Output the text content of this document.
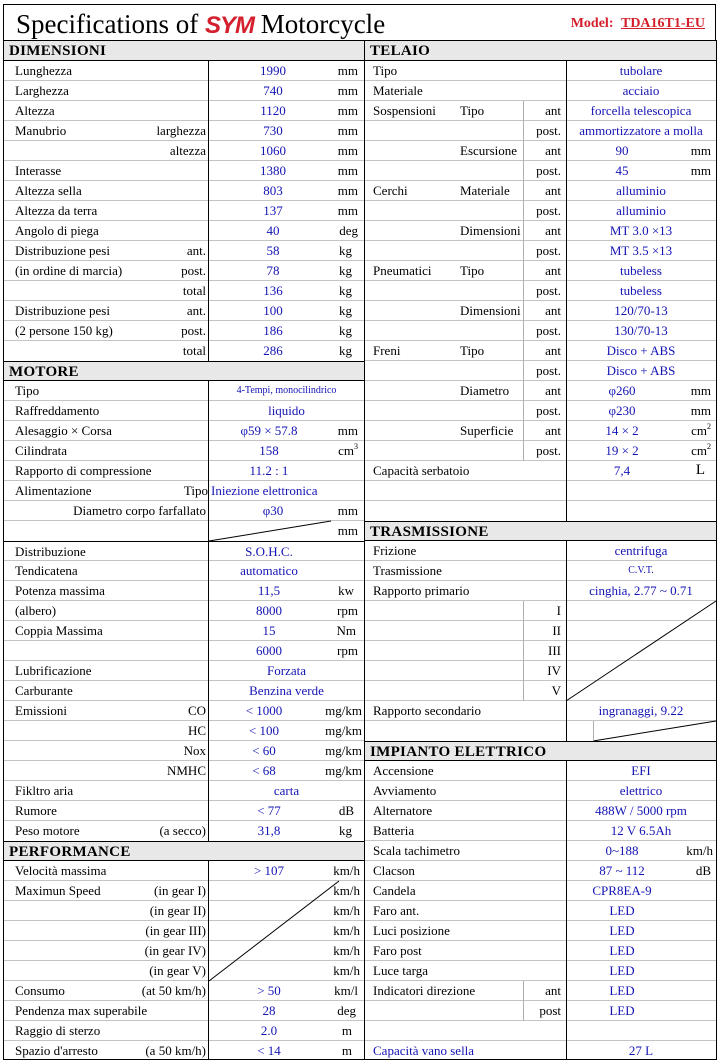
Specifications of SYM Motorcycle	Model: TDA16T1-EU
DIMENSIONI
Lunghezza	1990	mm
Larghezza	740	mm
Altezza	1120	mm
Manubrio	larghezza	730	mm
altezza	1060	mm
Interasse	1380	mm
Altezza sella	803	mm
Altezza da terra	137	mm
Angolo di piega	40	deg
Distribuzione pesi	ant.	58	kg
(in ordine di marcia)	post.	78	kg
total	136	kg
Distribuzione pesi	ant.	100	kg
(2 persone 150 kg)	post.	186	kg
total	286	kg
MOTORE
Tipo	4-Tempi, monocilindrico
Raffreddamento	liquido
Alesaggio × Corsa	φ59 × 57.8	mm
Cilindrata	158	$cm^3$
Rapporto di compressione	11.2 : 1
Alimentazione	Tipo Iniezione elettronica
Diametro corpo farfallato	φ30	mm
mm
Distribuzione	S.O.H.C.
Tendicatena	automatico
Potenza massima	11,5	kw
(albero)	8000	rpm
Coppia Massima	15	Nm
6000	rpm
Lubrificazione	Forzata
Carburante	Benzina verde
Emissioni	CO	< 1000	mg/km
HC	< 100	mg/km
Nox	< 60	mg/km
NMHC	< 68	mg/km
Fikltro aria	carta
Rumore	< 77	dB
Peso motore	(a secco)	31,8	kg
PERFORMANCE
Velocità massima	> 107	km/h
Maximun Speed	(in gear I)	km/h
(in gear II)	km/h
(in gear III)	km/h
(in gear IV)	km/h
(in gear V)	km/h
Consumo	(at 50 km/h)	> 50	km/l
Pendenza max superabile	28	deg
Raggio di sterzo	2.0	m
Spazio d'arresto	(a 50 km/h)	< 14	m
TELAIO
Tipo	tubolare
Materiale	acciaio
Sospensioni Tipo	ant	forcella telescopica
post.	ammortizzatore a molla
Escursione	ant	90	mm
post.	45	mm
Cerchi	Materiale	ant	alluminio
post.	alluminio
Dimensioni	ant	MT 3.0 ×13
post.	MT 3.5 ×13
Pneumatici Tipo	ant	tubeless
post.	tubeless
Dimensioni	ant	120/70-13
post.	130/70-13
Freni	Tipo	ant	Disco + ABS
post.	Disco + ABS
Diametro	ant	φ260	mm
post.	φ230	mm
Superficie	ant	14 × 2	$cm^2$
post.	19 × 2	$cm^2$
Capacità serbatoio	7,4	L
TRASMISSIONE
Frizione	centrifuga
Trasmissione	C.V.T.
Rapporto primario	cinghia, 2.77 ~ 0.71
I
II
III
IV
V
Rapporto secondario	ingranaggi, 9.22
IMPIANTO ELETTRICO
Accensione	EFI
Avviamento	elettrico
Alternatore	488W / 5000 rpm
Batteria	12 V 6.5Ah
Scala tachimetro	0~188	km/h
Clacson	87 ~ 112	dB
Candela	CPR8EA-9
Faro ant.	LED
Luci posizione	LED
Faro post	LED
Luce targa	LED
Indicatori direzione	ant	LED
post	LED
Capacità vano sella	27 L
